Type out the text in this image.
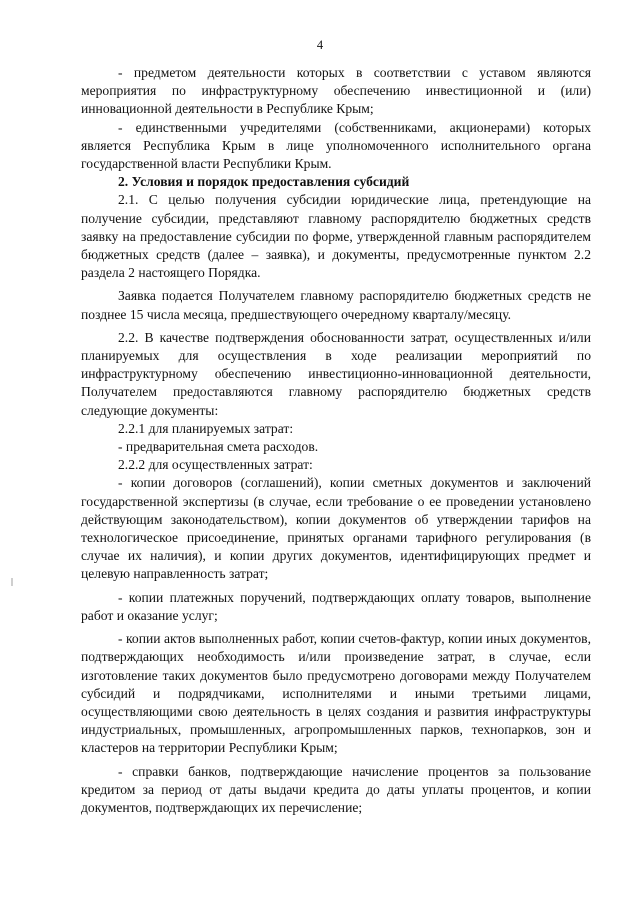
4

- предметом деятельности которых в соответствии с уставом являются мероприятия по инфраструктурному обеспечению инвестиционной и (или) инновационной деятельности в Республике Крым;

- единственными учредителями (собственниками, акционерами) которых является Республика Крым в лице уполномоченного исполнительного органа государственной власти Республики Крым.

2. Условия и порядок предоставления субсидий

2.1. С целью получения субсидии юридические лица, претендующие на получение субсидии, представляют главному распорядителю бюджетных средств заявку на предоставление субсидии по форме, утвержденной главным распорядителем бюджетных средств (далее – заявка), и документы, предусмотренные пунктом 2.2 раздела 2 настоящего Порядка.

Заявка подается Получателем главному распорядителю бюджетных средств не позднее 15 числа месяца, предшествующего очередному кварталу/месяцу.

2.2. В качестве подтверждения обоснованности затрат, осуществленных и/или планируемых для осуществления в ходе реализации мероприятий по инфраструктурному обеспечению инвестиционно-инновационной деятельности, Получателем предоставляются главному распорядителю бюджетных средств следующие документы:

2.2.1 для планируемых затрат:

- предварительная смета расходов.

2.2.2 для осуществленных затрат:

- копии договоров (соглашений), копии сметных документов и заключений государственной экспертизы (в случае, если требование о ее проведении установлено действующим законодательством), копии документов об утверждении тарифов на технологическое присоединение, принятых органами тарифного регулирования (в случае их наличия), и копии других документов, идентифицирующих предмет и целевую направленность затрат;

- копии платежных поручений, подтверждающих оплату товаров, выполнение работ и оказание услуг;

- копии актов выполненных работ, копии счетов-фактур, копии иных документов, подтверждающих необходимость и/или произведение затрат, в случае, если изготовление таких документов было предусмотрено договорами между Получателем субсидий и подрядчиками, исполнителями и иными третьими лицами, осуществляющими свою деятельность в целях создания и развития инфраструктуры индустриальных, промышленных, агропромышленных парков, технопарков, зон и кластеров на территории Республики Крым;

- справки банков, подтверждающие начисление процентов за пользование кредитом за период от даты выдачи кредита до даты уплаты процентов, и копии документов, подтверждающих их перечисление;
